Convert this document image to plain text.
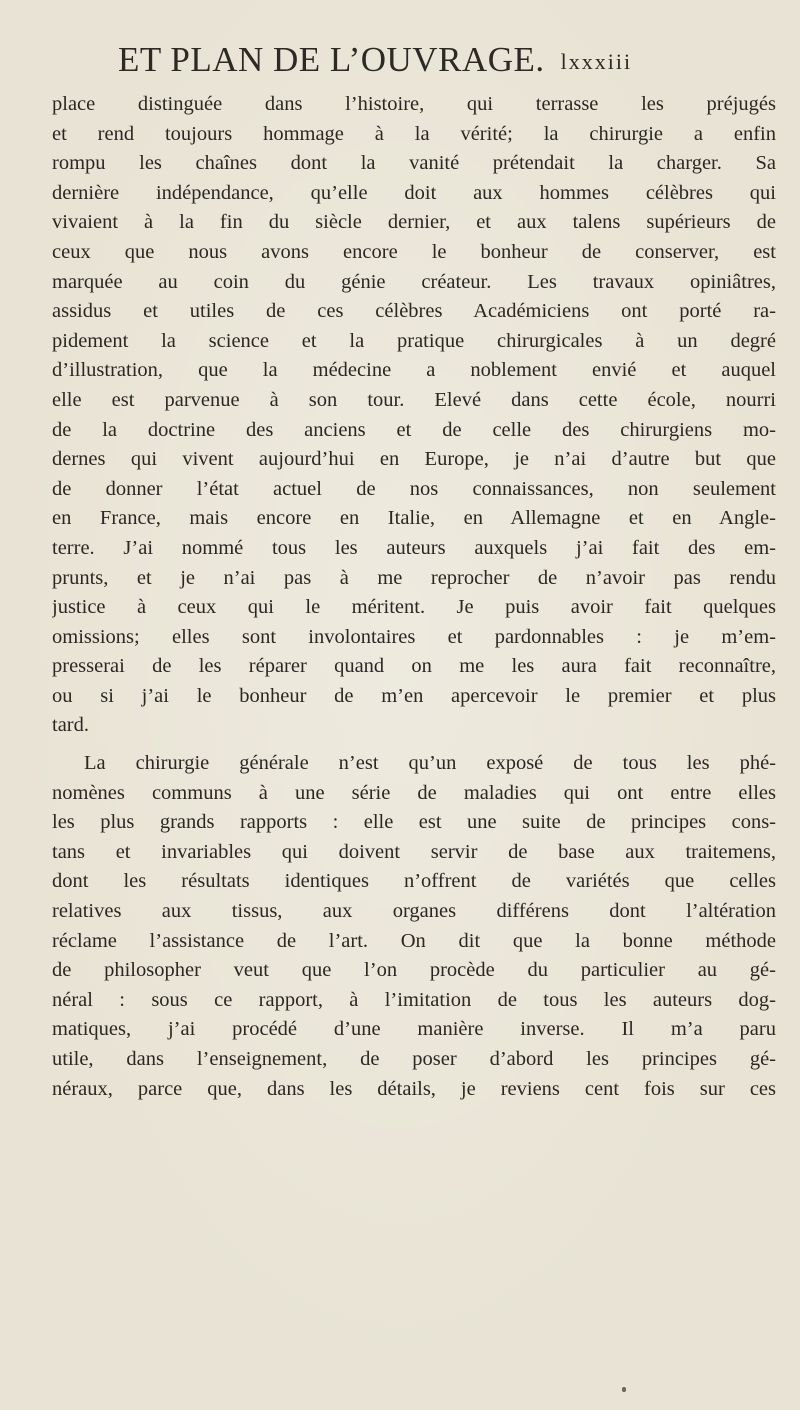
ET PLAN DE L’OUVRAGE. lxxxiii
place distinguée dans l’histoire, qui terrasse les préjugés
et rend toujours hommage à la vérité; la chirurgie a enfin
rompu les chaînes dont la vanité prétendait la charger. Sa
dernière indépendance, qu’elle doit aux hommes célèbres qui
vivaient à la fin du siècle dernier, et aux talens supérieurs de
ceux que nous avons encore le bonheur de conserver, est
marquée au coin du génie créateur. Les travaux opiniâtres,
assidus et utiles de ces célèbres Académiciens ont porté ra-
pidement la science et la pratique chirurgicales à un degré
d’illustration, que la médecine a noblement envié et auquel
elle est parvenue à son tour. Elevé dans cette école, nourri
de la doctrine des anciens et de celle des chirurgiens mo-
dernes qui vivent aujourd’hui en Europe, je n’ai d’autre but que
de donner l’état actuel de nos connaissances, non seulement
en France, mais encore en Italie, en Allemagne et en Angle-
terre. J’ai nommé tous les auteurs auxquels j’ai fait des em-
prunts, et je n’ai pas à me reprocher de n’avoir pas rendu
justice à ceux qui le méritent. Je puis avoir fait quelques
omissions; elles sont involontaires et pardonnables : je m’em-
presserai de les réparer quand on me les aura fait reconnaître,
ou si j’ai le bonheur de m’en apercevoir le premier et plus
tard.
La chirurgie générale n’est qu’un exposé de tous les phé-
nomènes communs à une série de maladies qui ont entre elles
les plus grands rapports : elle est une suite de principes cons-
tans et invariables qui doivent servir de base aux traitemens,
dont les résultats identiques n’offrent de variétés que celles
relatives aux tissus, aux organes différens dont l’altération
réclame l’assistance de l’art. On dit que la bonne méthode
de philosopher veut que l’on procède du particulier au gé-
néral : sous ce rapport, à l’imitation de tous les auteurs dog-
matiques, j’ai procédé d’une manière inverse. Il m’a paru
utile, dans l’enseignement, de poser d’abord les principes gé-
néraux, parce que, dans les détails, je reviens cent fois sur ces
